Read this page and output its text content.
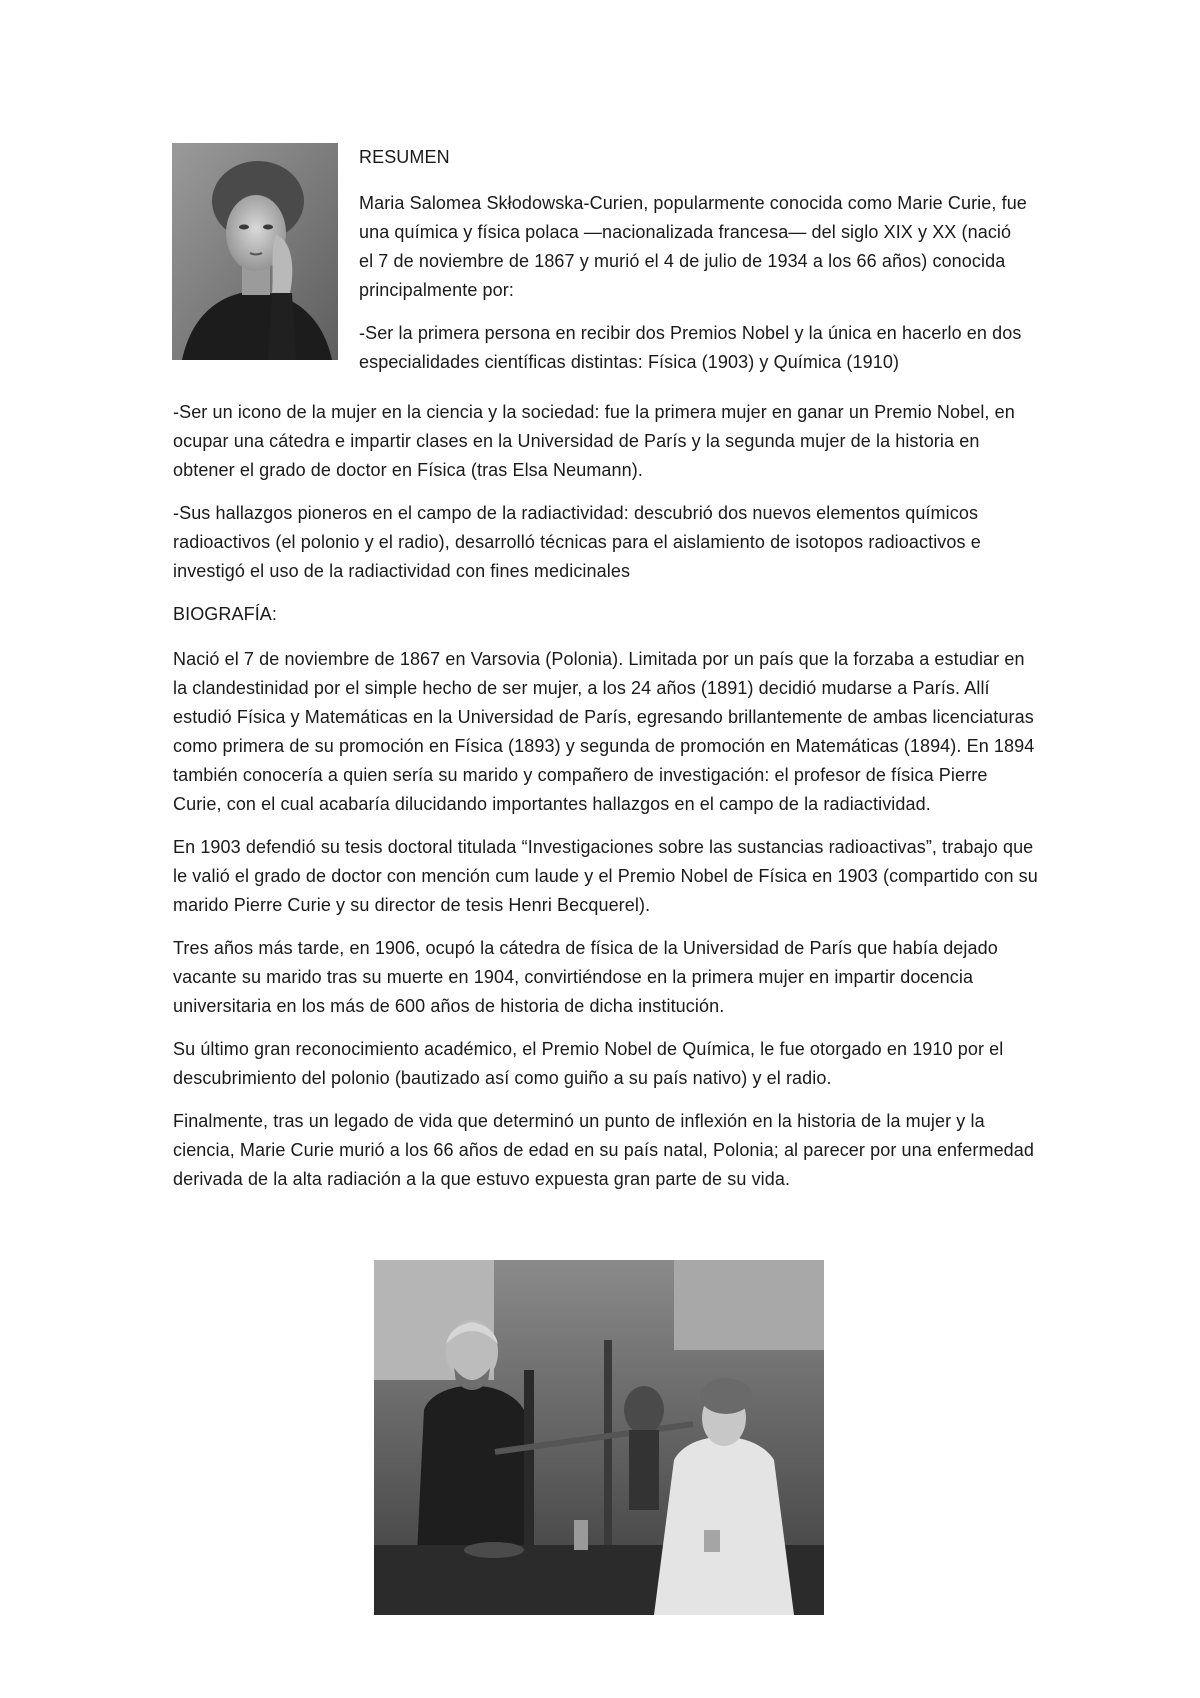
RESUMEN

Maria Salomea Skłodowska-Curien, popularmente conocida como Marie Curie, fue una química y física polaca —nacionalizada francesa— del siglo XIX y XX (nació el 7 de noviembre de 1867 y murió el 4 de julio de 1934 a los 66 años) conocida principalmente por:

-Ser la primera persona en recibir dos Premios Nobel y la única en hacerlo en dos especialidades científicas distintas: Física (1903) y Química (1910)

-Ser un icono de la mujer en la ciencia y la sociedad: fue la primera mujer en ganar un Premio Nobel, en ocupar una cátedra e impartir clases en la Universidad de París y la segunda mujer de la historia en obtener el grado de doctor en Física (tras Elsa Neumann).

-Sus hallazgos pioneros en el campo de la radiactividad: descubrió dos nuevos elementos químicos radioactivos (el polonio y el radio), desarrolló técnicas para el aislamiento de isotopos radioactivos e investigó el uso de la radiactividad con fines medicinales

BIOGRAFÍA:

Nació el 7 de noviembre de 1867 en Varsovia (Polonia). Limitada por un país que la forzaba a estudiar en la clandestinidad por el simple hecho de ser mujer, a los 24 años (1891) decidió mudarse a París. Allí estudió Física y Matemáticas en la Universidad de París, egresando brillantemente de ambas licenciaturas como primera de su promoción en Física (1893) y segunda de promoción en Matemáticas (1894). En 1894 también conocería a quien sería su marido y compañero de investigación: el profesor de física Pierre Curie, con el cual acabaría dilucidando importantes hallazgos en el campo de la radiactividad.

En 1903 defendió su tesis doctoral titulada “Investigaciones sobre las sustancias radioactivas”, trabajo que le valió el grado de doctor con mención cum laude y el Premio Nobel de Física en 1903 (compartido con su marido Pierre Curie y su director de tesis Henri Becquerel).

Tres años más tarde, en 1906, ocupó la cátedra de física de la Universidad de París que había dejado vacante su marido tras su muerte en 1904, convirtiéndose en la primera mujer en impartir docencia universitaria en los más de 600 años de historia de dicha institución.

Su último gran reconocimiento académico, el Premio Nobel de Química, le fue otorgado en 1910 por el descubrimiento del polonio (bautizado así como guiño a su país nativo) y el radio.

Finalmente, tras un legado de vida que determinó un punto de inflexión en la historia de la mujer y la ciencia, Marie Curie murió a los 66 años de edad en su país natal, Polonia; al parecer por una enfermedad derivada de la alta radiación a la que estuvo expuesta gran parte de su vida.
